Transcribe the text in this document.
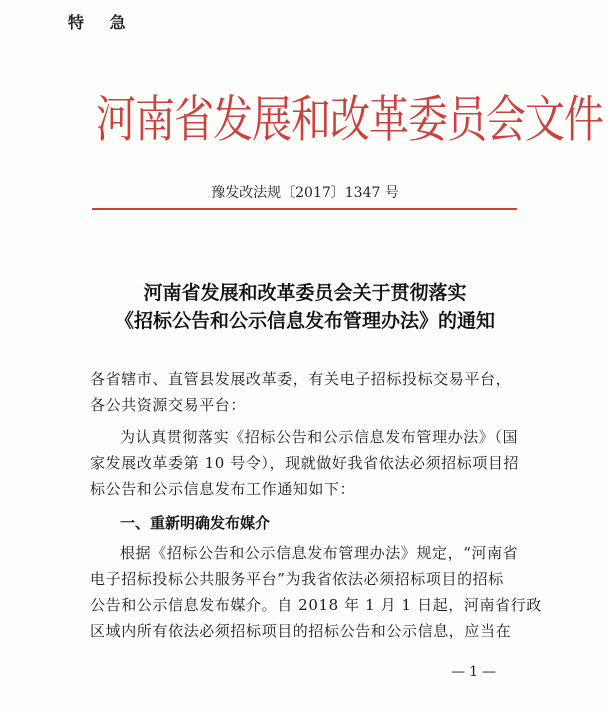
特 急
河南省发展和改革委员会文件
豫发改法规〔2017〕1347 号
河南省发展和改革委员会关于贯彻落实
《招标公告和公示信息发布管理办法》的通知
各省辖市、直管县发展改革委，有关电子招标投标交易平台，
各公共资源交易平台：
为认真贯彻落实《招标公告和公示信息发布管理办法》（国
家发展改革委第 10 号令），现就做好我省依法必须招标项目招
标公告和公示信息发布工作通知如下：
一、重新明确发布媒介
根据《招标公告和公示信息发布管理办法》规定，“河南省
电子招标投标公共服务平台”为我省依法必须招标项目的招标
公告和公示信息发布媒介。自 2018 年 1 月 1 日起，河南省行政
区域内所有依法必须招标项目的招标公告和公示信息，应当在
—1—
